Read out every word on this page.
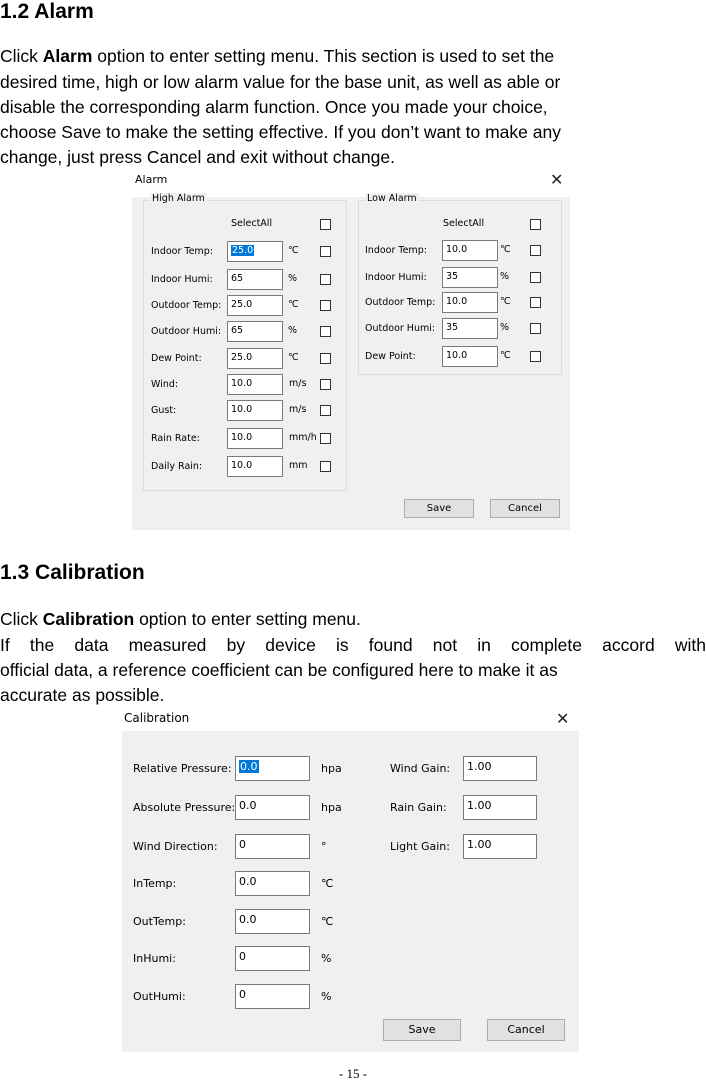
1.2 Alarm

Click Alarm option to enter setting menu. This section is used to set the

desired time, high or low alarm value for the base unit, as well as able or

disable the corresponding alarm function. Once you made your choice,

choose Save to make the setting effective. If you don’t want to make any

change, just press Cancel and exit without change.

Alarm	✕
High Alarm
SelectAll
Indoor Temp:	25.0	℃
Indoor Humi:	65	%
Outdoor Temp:	25.0	℃
Outdoor Humi:	65	%
Dew Point:	25.0	℃
Wind:	10.0	m/s
Gust:	10.0	m/s
Rain Rate:	10.0	mm/h
Daily Rain:	10.0	mm
Low Alarm
SelectAll
Indoor Temp:	10.0	℃
Indoor Humi:	35	%
Outdoor Temp:	10.0	℃
Outdoor Humi:	35	%
Dew Point:	10.0	℃
Save	Cancel
1.3 Calibration

Click Calibration option to enter setting menu.

If the data measured by device is found not in complete accord with

official data, a reference coefficient can be configured here to make it as

accurate as possible.

Calibration	✕
Relative Pressure: 0.0	hpa
Absolute Pressure: 0.0	hpa
Wind Direction:	0	°
InTemp:	0.0	℃
OutTemp:	0.0	℃
InHumi:	0	%
OutHumi:	0	%
Wind Gain:	1.00
Rain Gain:	1.00
Light Gain:	1.00
Save	Cancel
- 15 -
